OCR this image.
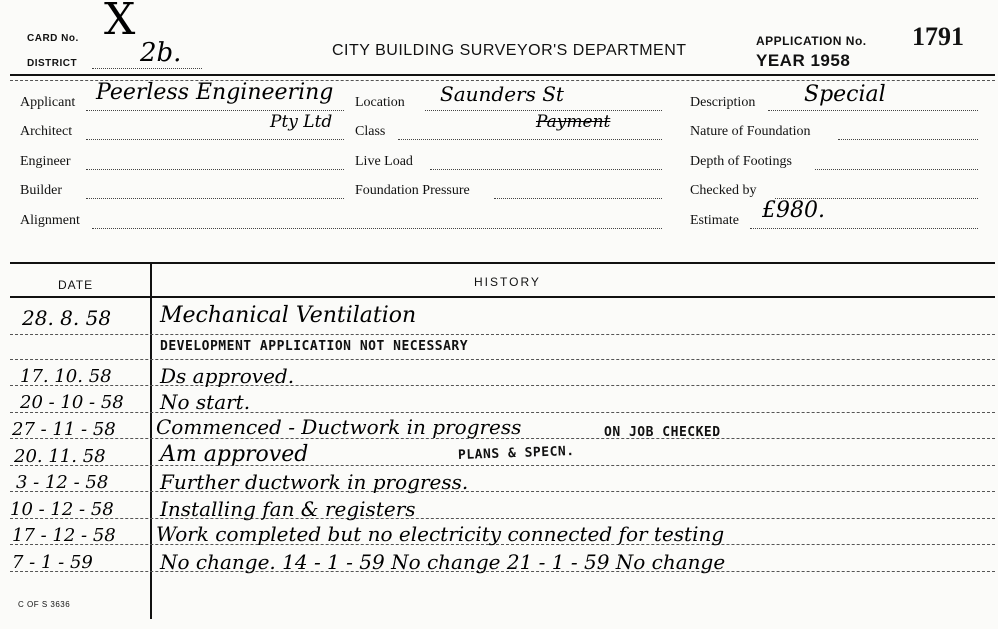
CARD No. X
DISTRICT 2b.	CITY BUILDING SURVEYOR'S DEPARTMENT
APPLICATION No. 1791
YEAR 1958
Applicant Peerless Engineering
Pty Ltd
Architect
Engineer
Builder
Alignment
Location Saunders St
Class	Payment
Live Load
Foundation Pressure
Description Special
Nature of Foundation
Depth of Footings
Checked by
Estimate £980.
DATE	HISTORY
28. 8. 58 Mechanical Ventilation
DEVELOPMENT APPLICATION NOT NECESSARY
17. 10. 58 Ds approved.
20 - 10 - 58 No start.
27 - 11 - 58 Commenced - Ductwork in progress	ON JOB CHECKED
20. 11. 58 Am approved	PLANS & SPECN.
3 - 12 - 58	Further ductwork in progress.
10 - 12 - 58 Installing fan & registers
17 - 12 - 58 Work completed but no electricity connected for testing
7 - 1 - 59	No change. 14 - 1 - 59 No change 21 - 1 - 59 No change
C OF S 3636
